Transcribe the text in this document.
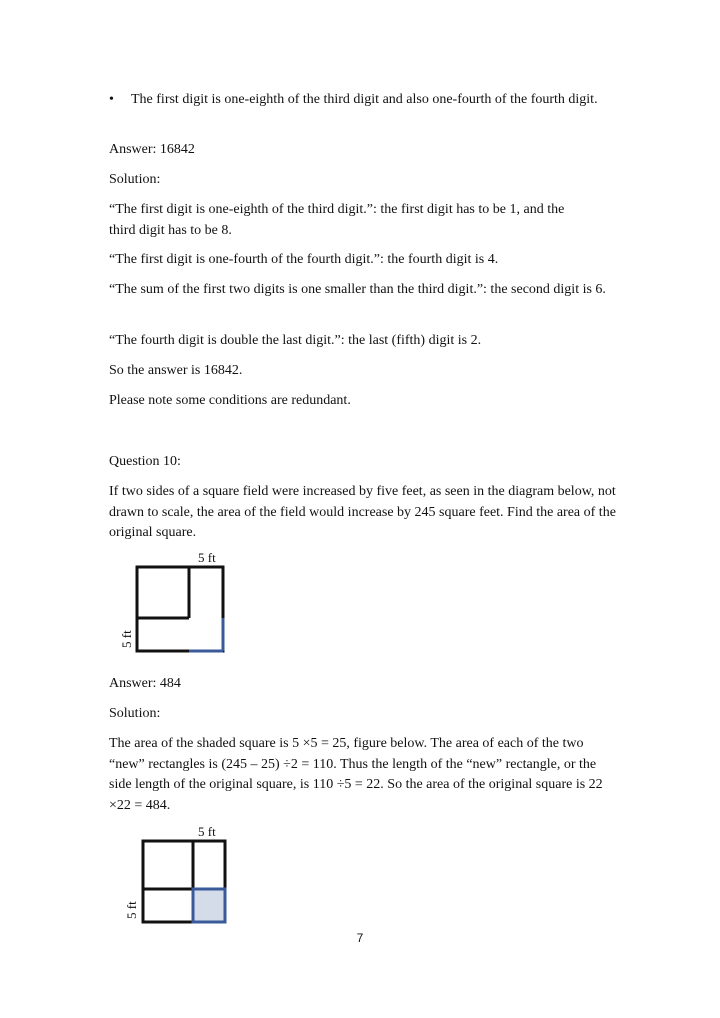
• The first digit is one-eighth of the third digit and also one-fourth of the fourth digit.

Answer: 16842

Solution:

“The first digit is one-eighth of the third digit.”: the first digit has to be 1, and the third digit has to be 8.

“The first digit is one-fourth of the fourth digit.”: the fourth digit is 4.

“The sum of the first two digits is one smaller than the third digit.”: the second digit is 6.

“The fourth digit is double the last digit.”: the last (fifth) digit is 2.

So the answer is 16842.

Please note some conditions are redundant.

Question 10:

If two sides of a square field were increased by five feet, as seen in the diagram below, not drawn to scale, the area of the field would increase by 245 square feet. Find the area of the original square.

5 ft
5 ft

Answer: 484

Solution:

The area of the shaded square is 5 ×5 = 25, figure below. The area of each of the two “new” rectangles is (245 – 25) ÷2 = 110. Thus the length of the “new” rectangle, or the side length of the original square, is 110 ÷5 = 22. So the area of the original square is 22 ×22 = 484.

5 ft
5 ft
7
